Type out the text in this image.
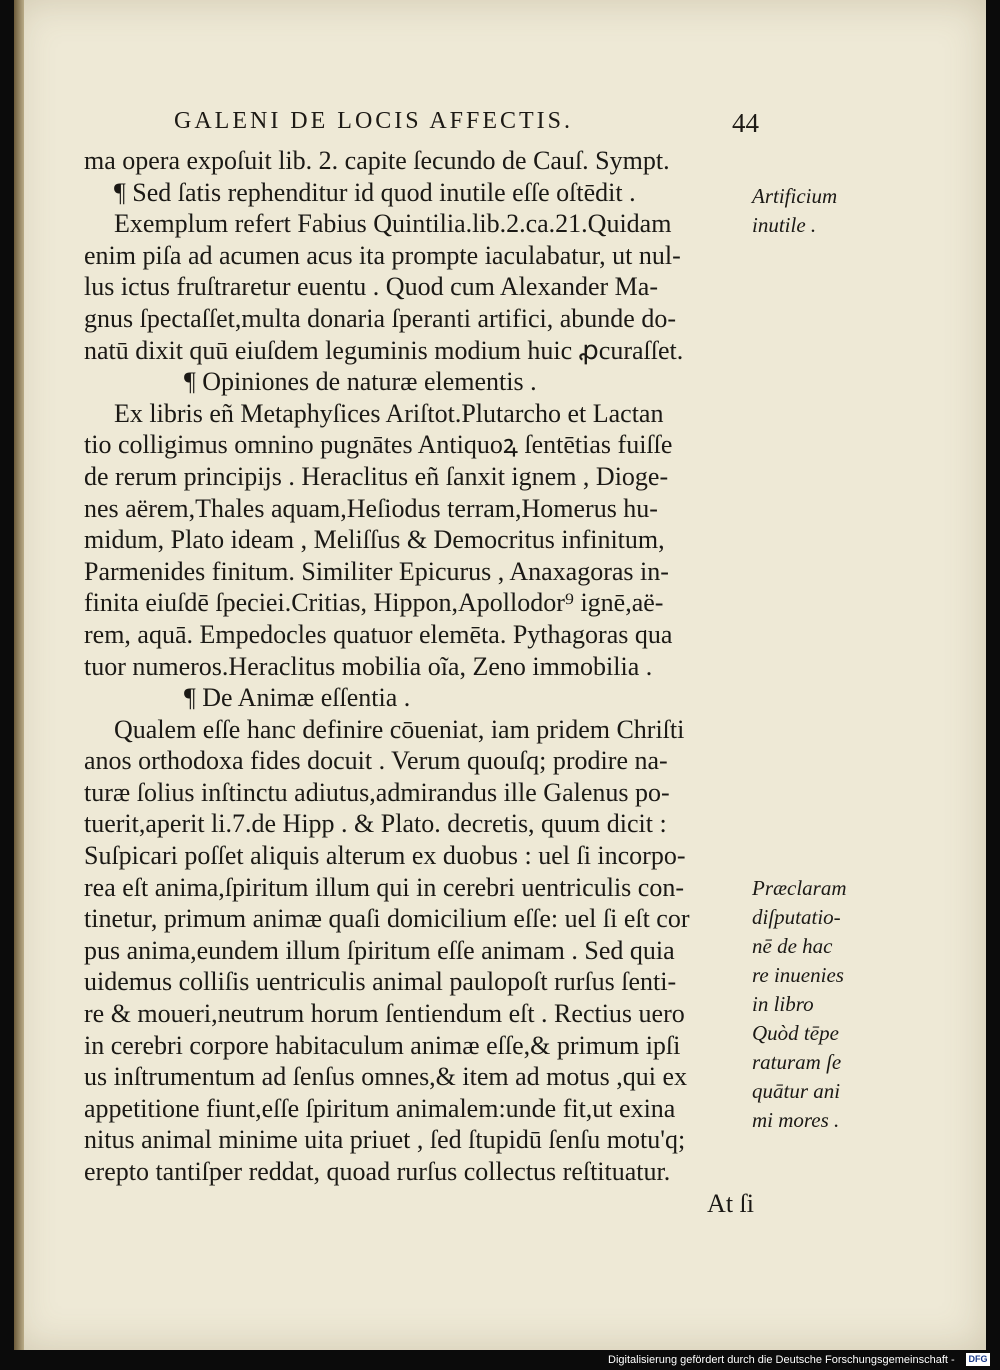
GALENI DE LOCIS AFFECTIS.	44
ma opera expoſuit lib. 2. capite ſecundo de Cauſ. Sympt.
¶ Sed ſatis rephenditur id quod inutile eſſe oſtēdit .
Exemplum refert Fabius Quintilia.lib.2.ca.21.Quidam
enim piſa ad acumen acus ita prompte iaculabatur, ut nul-
lus ictus fruſtraretur euentu . Quod cum Alexander Ma-
gnus ſpectaſſet,multa donaria ſperanti artifici, abunde do-
natū dixit quū eiuſdem leguminis modium huic ꝓcuraſſet.
¶ Opiniones de naturæ elementis .
Ex libris eñ Metaphyſices Ariſtot.Plutarcho et Lactan
tio colligimus omnino pugnātes Antiquoꝝ ſentētias fuiſſe
de rerum principijs . Heraclitus eñ ſanxit ignem , Dioge-
nes aërem,Thales aquam,Heſiodus terram,Homerus hu-
midum, Plato ideam , Meliſſus & Democritus infinitum,
Parmenides finitum. Similiter Epicurus , Anaxagoras in-
finita eiuſdē ſpeciei.Critias, Hippon,Apollodor⁹ ignē,aë-
rem, aquā. Empedocles quatuor elemēta. Pythagoras qua
tuor numeros.Heraclitus mobilia oĩa, Zeno immobilia .
¶ De Animæ eſſentia .
Qualem eſſe hanc definire cōueniat, iam pridem Chriſti
anos orthodoxa fides docuit . Verum quouſq; prodire na-
turæ ſolius inſtinctu adiutus,admirandus ille Galenus po-
tuerit,aperit li.7.de Hipp . & Plato. decretis, quum dicit :
Suſpicari poſſet aliquis alterum ex duobus : uel ſi incorpo-
rea eſt anima,ſpiritum illum qui in cerebri uentriculis con-
tinetur, primum animæ quaſi domicilium eſſe: uel ſi eſt cor
pus anima,eundem illum ſpiritum eſſe animam . Sed quia
uidemus colliſis uentriculis animal paulopoſt rurſus ſenti-
re & moueri,neutrum horum ſentiendum eſt . Rectius uero
in cerebri corpore habitaculum animæ eſſe,& primum ipſi
us inſtrumentum ad ſenſus omnes,& item ad motus ,qui ex
appetitione fiunt,eſſe ſpiritum animalem:unde fit,ut exina
nitus animal minime uita priuet , ſed ſtupidū ſenſu motu'q;
erepto tantiſper reddat, quoad rurſus collectus reſtituatur.
At ſi
Artificium
inutile .
Præclaram
diſputatio-
nē de hac
re inuenies
in libro
Quòd tēpe
raturam ſe
quātur ani
mi mores .
Digitalisierung gefördert durch die Deutsche Forschungsgemeinschaft - DFG
